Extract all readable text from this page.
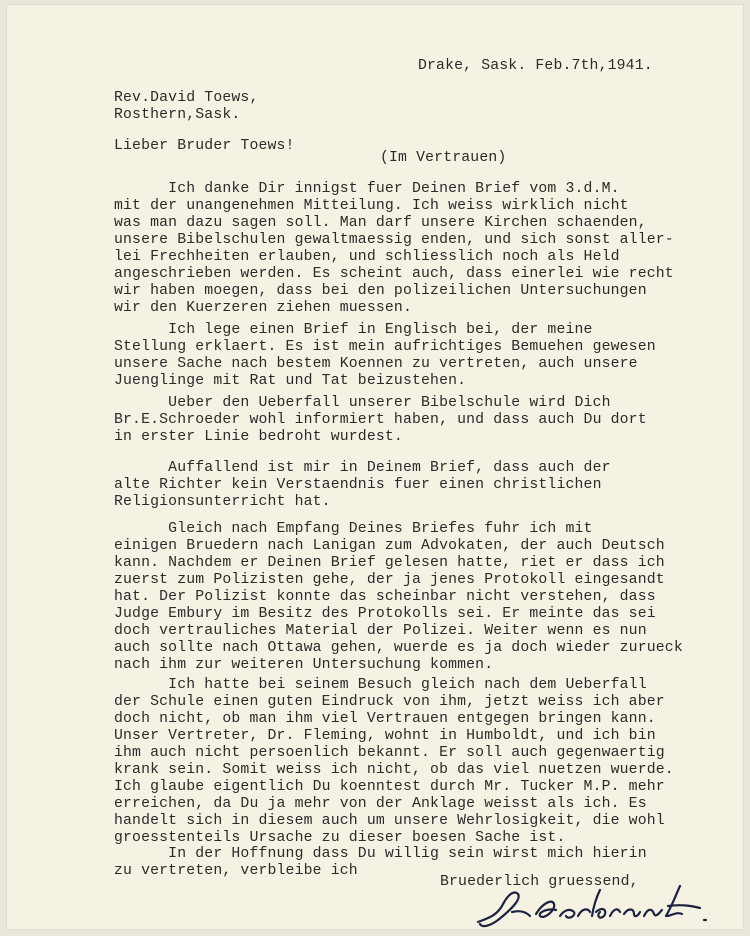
Drake, Sask. Feb.7th,1941.
Rev.David Toews,
Rosthern,Sask.
Lieber Bruder Toews!
(Im Vertrauen)
Ich danke Dir innigst fuer Deinen Brief vom 3.d.M.
mit der unangenehmen Mitteilung. Ich weiss wirklich nicht
was man dazu sagen soll. Man darf unsere Kirchen schaenden,
unsere Bibelschulen gewaltmaessig enden, und sich sonst aller-
lei Frechheiten erlauben, und schliesslich noch als Held
angeschrieben werden. Es scheint auch, dass einerlei wie recht
wir haben moegen, dass bei den polizeilichen Untersuchungen
wir den Kuerzeren ziehen muessen.
Ich lege einen Brief in Englisch bei, der meine
Stellung erklaert. Es ist mein aufrichtiges Bemuehen gewesen
unsere Sache nach bestem Koennen zu vertreten, auch unsere
Juenglinge mit Rat und Tat beizustehen.
Ueber den Ueberfall unserer Bibelschule wird Dich
Br.E.Schroeder wohl informiert haben, und dass auch Du dort
in erster Linie bedroht wurdest.
Auffallend ist mir in Deinem Brief, dass auch der
alte Richter kein Verstaendnis fuer einen christlichen
Religionsunterricht hat.
Gleich nach Empfang Deines Briefes fuhr ich mit
einigen Bruedern nach Lanigan zum Advokaten, der auch Deutsch
kann. Nachdem er Deinen Brief gelesen hatte, riet er dass ich
zuerst zum Polizisten gehe, der ja jenes Protokoll eingesandt
hat. Der Polizist konnte das scheinbar nicht verstehen, dass
Judge Embury im Besitz des Protokolls sei. Er meinte das sei
doch vertrauliches Material der Polizei. Weiter wenn es nun
auch sollte nach Ottawa gehen, wuerde es ja doch wieder zurueck
nach ihm zur weiteren Untersuchung kommen.
Ich hatte bei seinem Besuch gleich nach dem Ueberfall
der Schule einen guten Eindruck von ihm, jetzt weiss ich aber
doch nicht, ob man ihm viel Vertrauen entgegen bringen kann.
Unser Vertreter, Dr. Fleming, wohnt in Humboldt, und ich bin
ihm auch nicht persoenlich bekannt. Er soll auch gegenwaertig
krank sein. Somit weiss ich nicht, ob das viel nuetzen wuerde.
Ich glaube eigentlich Du koenntest durch Mr. Tucker M.P. mehr
erreichen, da Du ja mehr von der Anklage weisst als ich. Es
handelt sich in diesem auch um unsere Wehrlosigkeit, die wohl
groesstenteils Ursache zu dieser boesen Sache ist.
In der Hoffnung dass Du willig sein wirst mich hierin
zu vertreten, verbleibe ich
Bruederlich gruessend,
